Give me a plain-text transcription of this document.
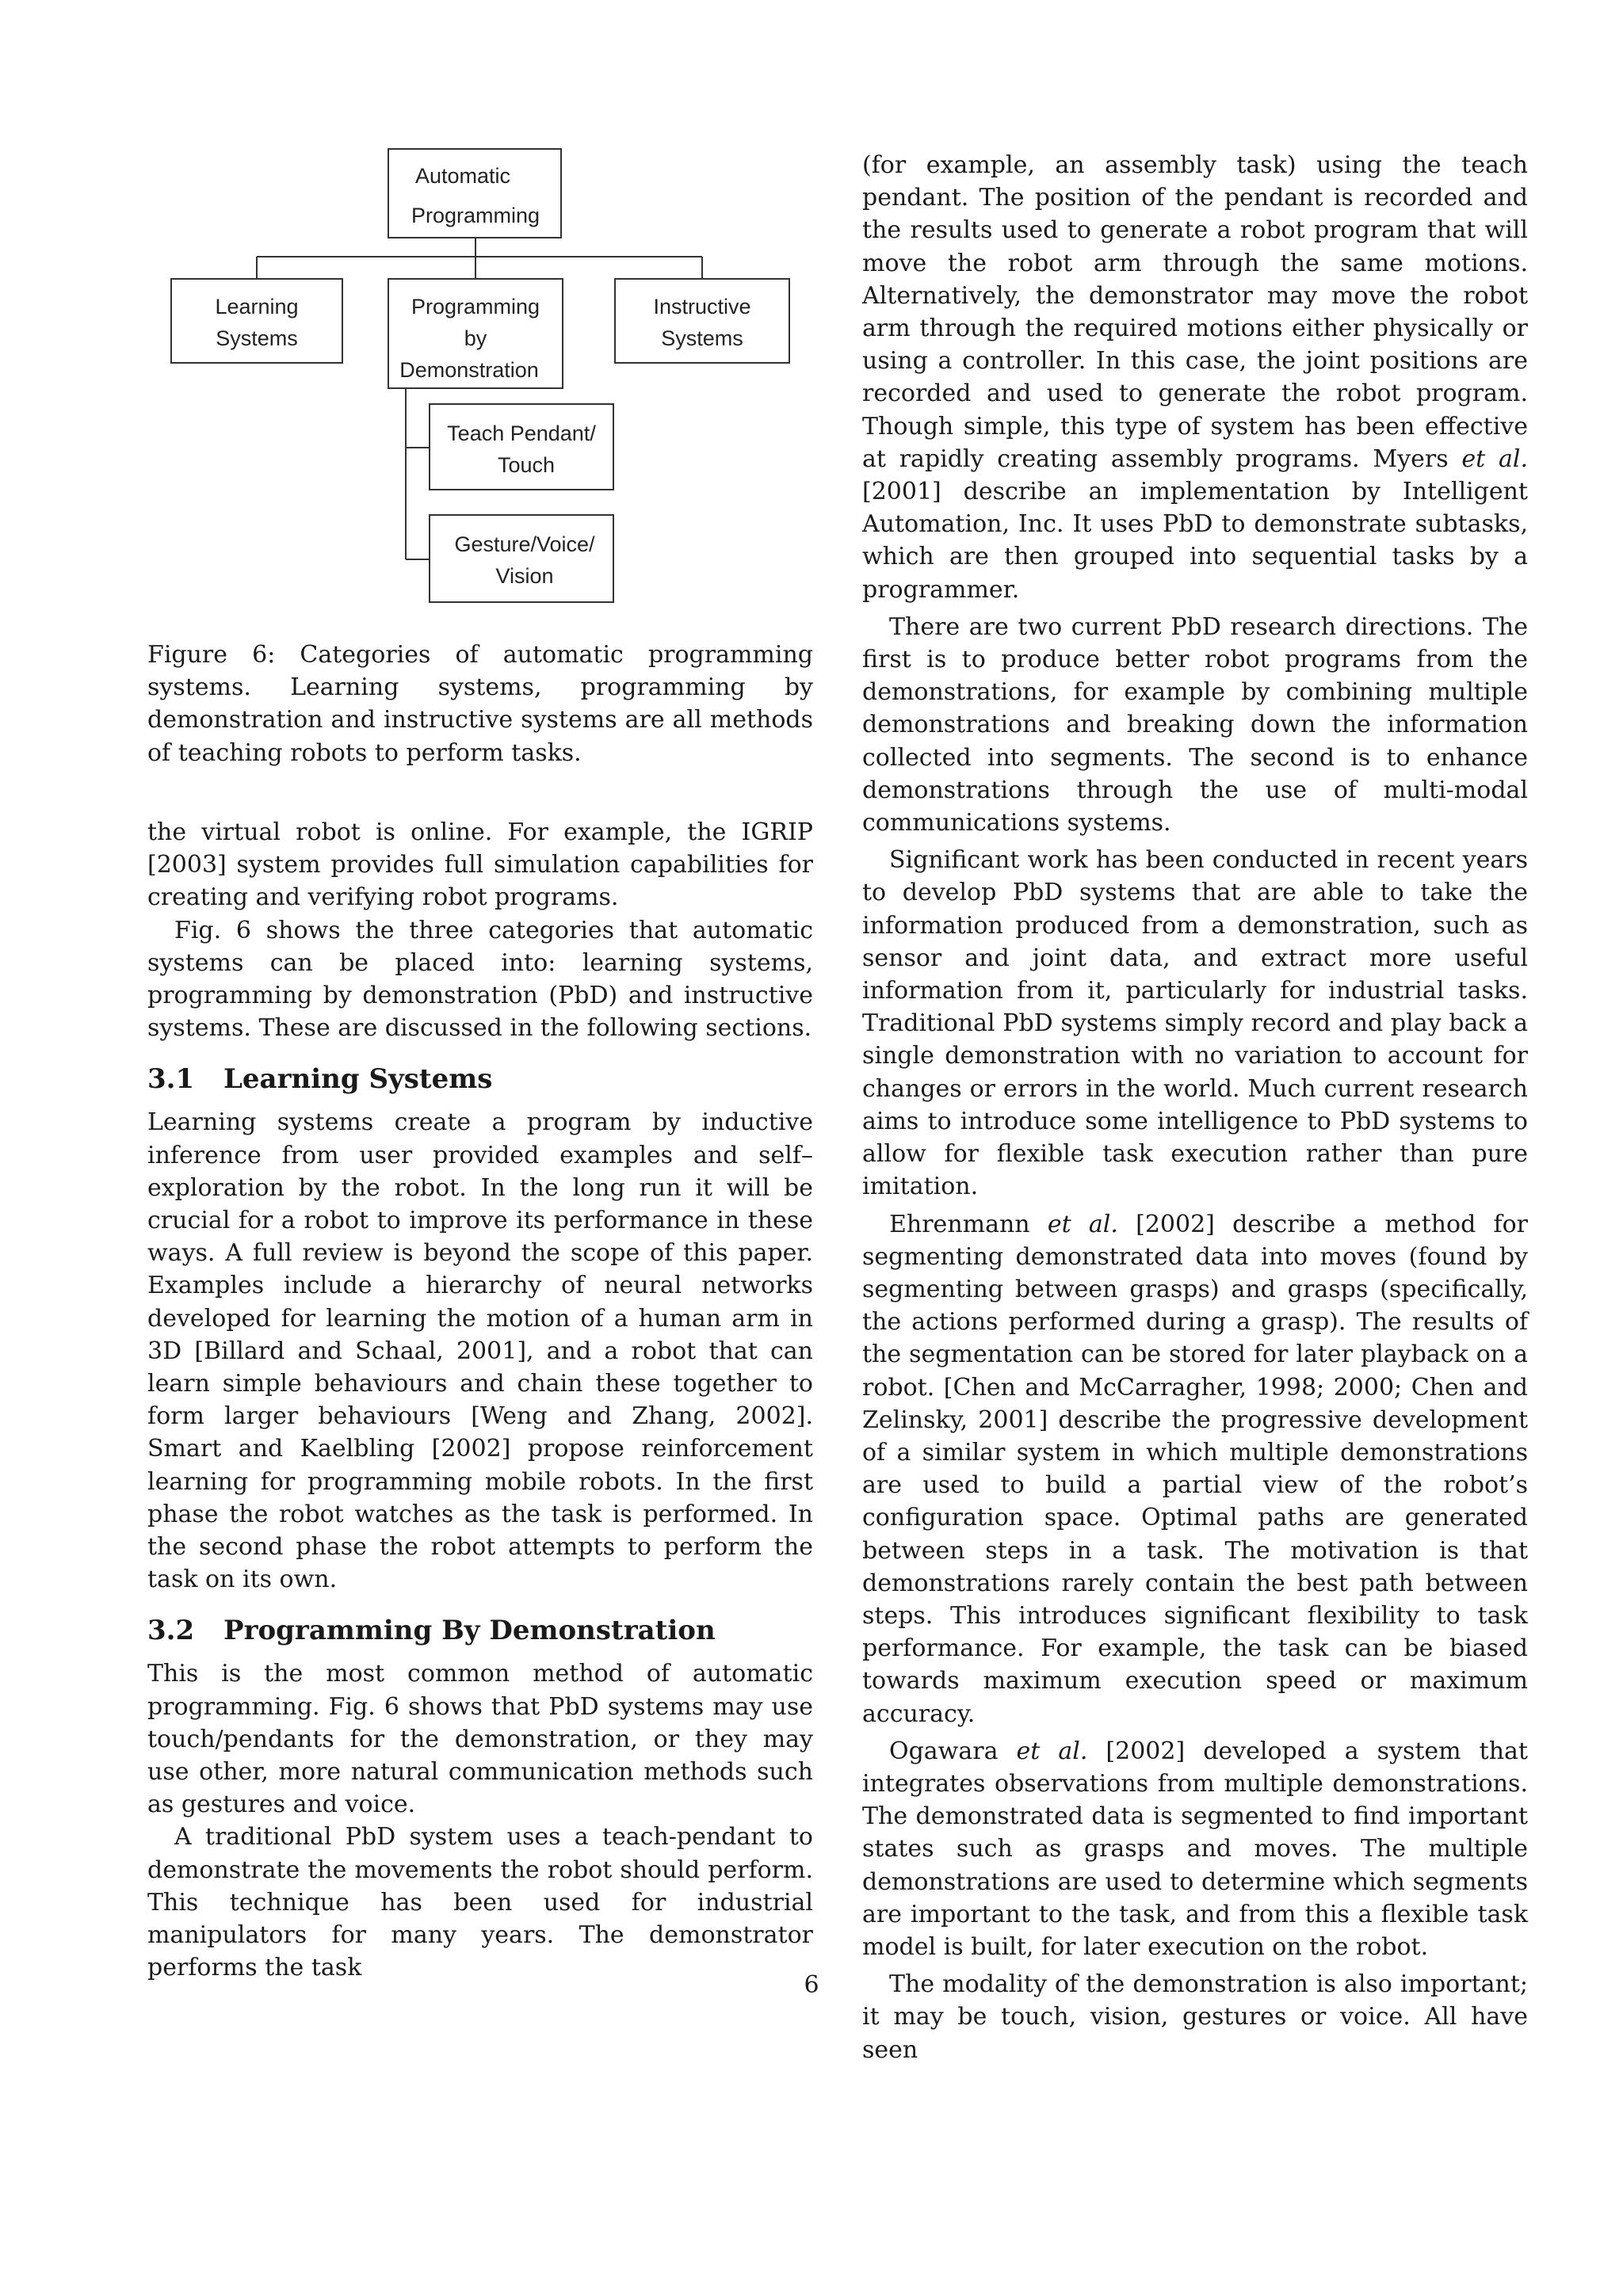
Automatic
Programming
Learning
Systems
Programming
by
Demonstration
Instructive
Systems
Teach Pendant/
Touch
Gesture/Voice/
Vision
Figure 6: Categories of automatic programming systems. Learning systems, programming by demonstration and instructive systems are all methods of teaching robots to perform tasks.

the virtual robot is online. For example, the IGRIP [2003] system provides full simulation capabilities for creating and verifying robot programs.

Fig. 6 shows the three categories that automatic systems can be placed into: learning systems, programming by demonstration (PbD) and instructive systems. These are discussed in the following sections.

3.1 Learning Systems

Learning systems create a program by inductive inference from user provided examples and self–exploration by the robot. In the long run it will be crucial for a robot to improve its performance in these ways. A full review is beyond the scope of this paper. Examples include a hierarchy of neural networks developed for learning the motion of a human arm in 3D [Billard and Schaal, 2001], and a robot that can learn simple behaviours and chain these together to form larger behaviours [Weng and Zhang, 2002]. Smart and Kaelbling [2002] propose reinforcement learning for programming mobile robots. In the first phase the robot watches as the task is performed. In the second phase the robot attempts to perform the task on its own.

3.2 Programming By Demonstration

This is the most common method of automatic programming. Fig. 6 shows that PbD systems may use touch/pendants for the demonstration, or they may use other, more natural communication methods such as gestures and voice.

A traditional PbD system uses a teach-pendant to demonstrate the movements the robot should perform. This technique has been used for industrial manipulators for many years. The demonstrator performs the task

(for example, an assembly task) using the teach pendant. The position of the pendant is recorded and the results used to generate a robot program that will move the robot arm through the same motions. Alternatively, the demonstrator may move the robot arm through the required motions either physically or using a controller. In this case, the joint positions are recorded and used to generate the robot program. Though simple, this type of system has been effective at rapidly creating assembly programs. Myers et al. [2001] describe an implementation by Intelligent Automation, Inc. It uses PbD to demonstrate subtasks, which are then grouped into sequential tasks by a programmer.

There are two current PbD research directions. The first is to produce better robot programs from the demonstrations, for example by combining multiple demonstrations and breaking down the information collected into segments. The second is to enhance demonstrations through the use of multi-modal communications systems.

Significant work has been conducted in recent years to develop PbD systems that are able to take the information produced from a demonstration, such as sensor and joint data, and extract more useful information from it, particularly for industrial tasks. Traditional PbD systems simply record and play back a single demonstration with no variation to account for changes or errors in the world. Much current research aims to introduce some intelligence to PbD systems to allow for flexible task execution rather than pure imitation.

Ehrenmann et al. [2002] describe a method for segmenting demonstrated data into moves (found by segmenting between grasps) and grasps (specifically, the actions performed during a grasp). The results of the segmentation can be stored for later playback on a robot. [Chen and McCarragher, 1998; 2000; Chen and Zelinsky, 2001] describe the progressive development of a similar system in which multiple demonstrations are used to build a partial view of the robot’s configuration space. Optimal paths are generated between steps in a task. The motivation is that demonstrations rarely contain the best path between steps. This introduces significant flexibility to task performance. For example, the task can be biased towards maximum execution speed or maximum accuracy.

Ogawara et al. [2002] developed a system that integrates observations from multiple demonstrations. The demonstrated data is segmented to find important states such as grasps and moves. The multiple demonstrations are used to determine which segments are important to the task, and from this a flexible task model is built, for later execution on the robot.

The modality of the demonstration is also important; it may be touch, vision, gestures or voice. All have seen

6
